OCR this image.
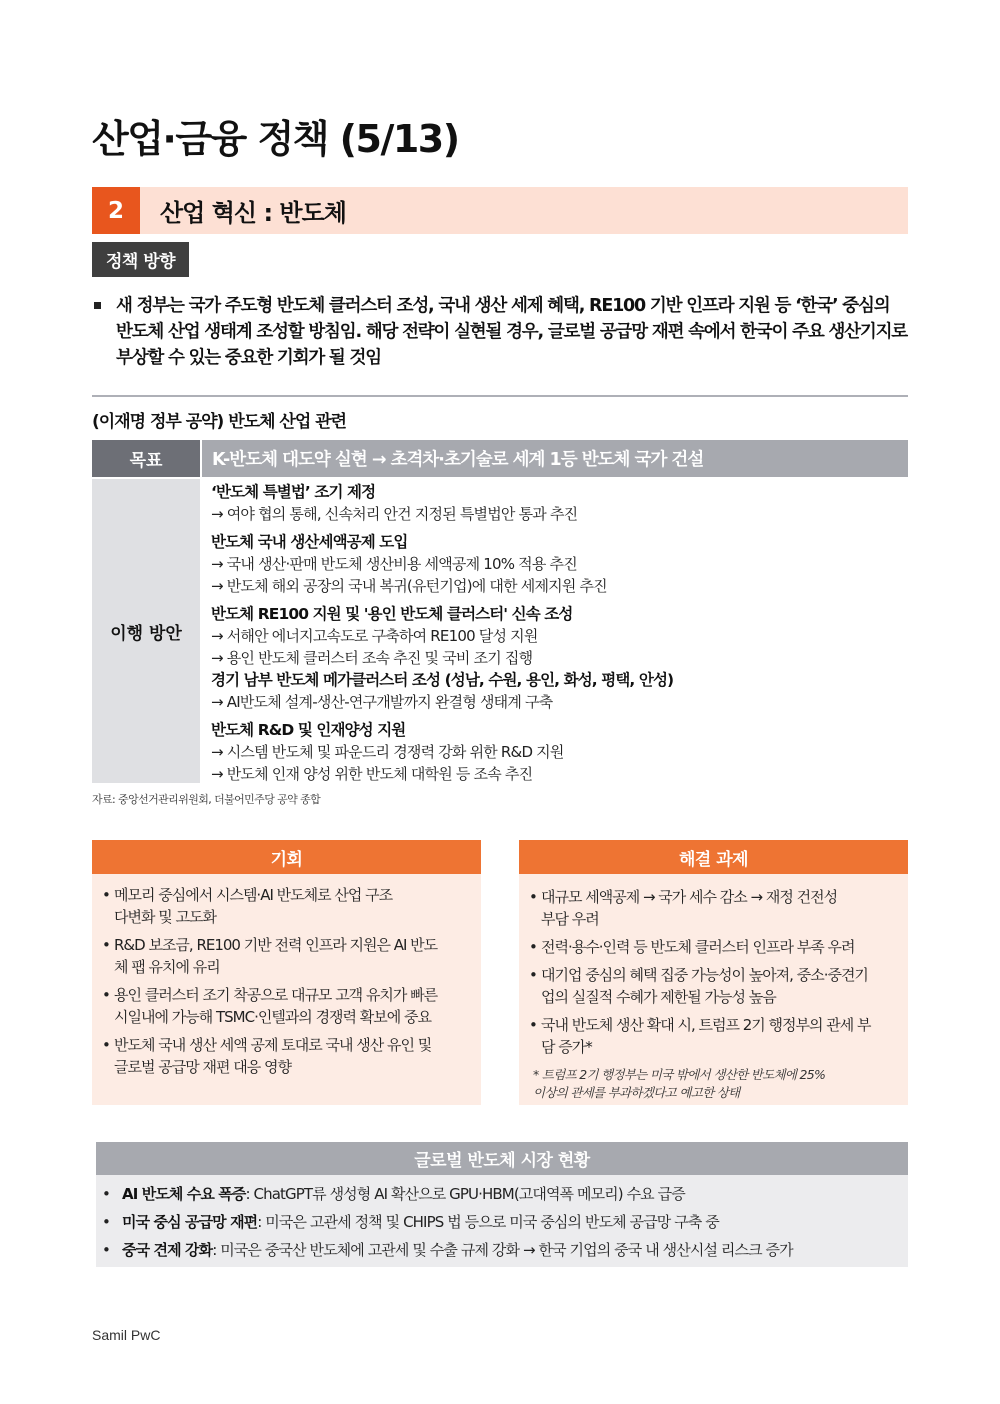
산업·금융 정책 (5/13)
2	산업 혁신 : 반도체
정책 방향
새 정부는 국가 주도형 반도체 클러스터 조성, 국내 생산 세제 혜택, RE100 기반 인프라 지원 등 ‘한국’ 중심의
반도체 산업 생태계 조성할 방침임. 해당 전략이 실현될 경우, 글로벌 공급망 재편 속에서 한국이 주요 생산기지로
부상할 수 있는 중요한 기회가 될 것임
(이재명 정부 공약) 반도체 산업 관련
목표	K-반도체 대도약 실현 → 초격차·초기술로 세계 1등 반도체 국가 건설
이행 방안
‘반도체 특별법’ 조기 제정
→ 여야 협의 통해, 신속처리 안건 지정된 특별법안 통과 추진
반도체 국내 생산세액공제 도입
→ 국내 생산·판매 반도체 생산비용 세액공제 10% 적용 추진
→ 반도체 해외 공장의 국내 복귀(유턴기업)에 대한 세제지원 추진
반도체 RE100 지원 및 '용인 반도체 클러스터' 신속 조성
→ 서해안 에너지고속도로 구축하여 RE100 달성 지원
→ 용인 반도체 클러스터 조속 추진 및 국비 조기 집행
경기 남부 반도체 메가클러스터 조성 (성남, 수원, 용인, 화성, 평택, 안성)
→ AI반도체 설계-생산-연구개발까지 완결형 생태계 구축
반도체 R&D 및 인재양성 지원
→ 시스템 반도체 및 파운드리 경쟁력 강화 위한 R&D 지원
→ 반도체 인재 양성 위한 반도체 대학원 등 조속 추진
자료: 중앙선거관리위원회, 더불어민주당 공약 종합
기회
• 메모리 중심에서 시스템·AI 반도체로 산업 구조
다변화 및 고도화
• R&D 보조금, RE100 기반 전력 인프라 지원은 AI 반도
체 팹 유치에 유리
• 용인 클러스터 조기 착공으로 대규모 고객 유치가 빠른
시일내에 가능해 TSMC·인텔과의 경쟁력 확보에 중요
• 반도체 국내 생산 세액 공제 토대로 국내 생산 유인 및
글로벌 공급망 재편 대응 영향
해결 과제
• 대규모 세액공제 → 국가 세수 감소 → 재정 건전성
부담 우려
• 전력·용수·인력 등 반도체 클러스터 인프라 부족 우려
• 대기업 중심의 혜택 집중 가능성이 높아져, 중소·중견기
업의 실질적 수혜가 제한될 가능성 높음
• 국내 반도체 생산 확대 시, 트럼프 2기 행정부의 관세 부
담 증가*
* 트럼프 2기 행정부는 미국 밖에서 생산한 반도체에 25%
이상의 관세를 부과하겠다고 예고한 상태
글로벌 반도체 시장 현황
• AI 반도체 수요 폭증: ChatGPT류 생성형 AI 확산으로 GPU·HBM(고대역폭 메모리) 수요 급증
• 미국 중심 공급망 재편: 미국은 고관세 정책 및 CHIPS 법 등으로 미국 중심의 반도체 공급망 구축 중
• 중국 견제 강화: 미국은 중국산 반도체에 고관세 및 수출 규제 강화 → 한국 기업의 중국 내 생산시설 리스크 증가
Samil PwC
